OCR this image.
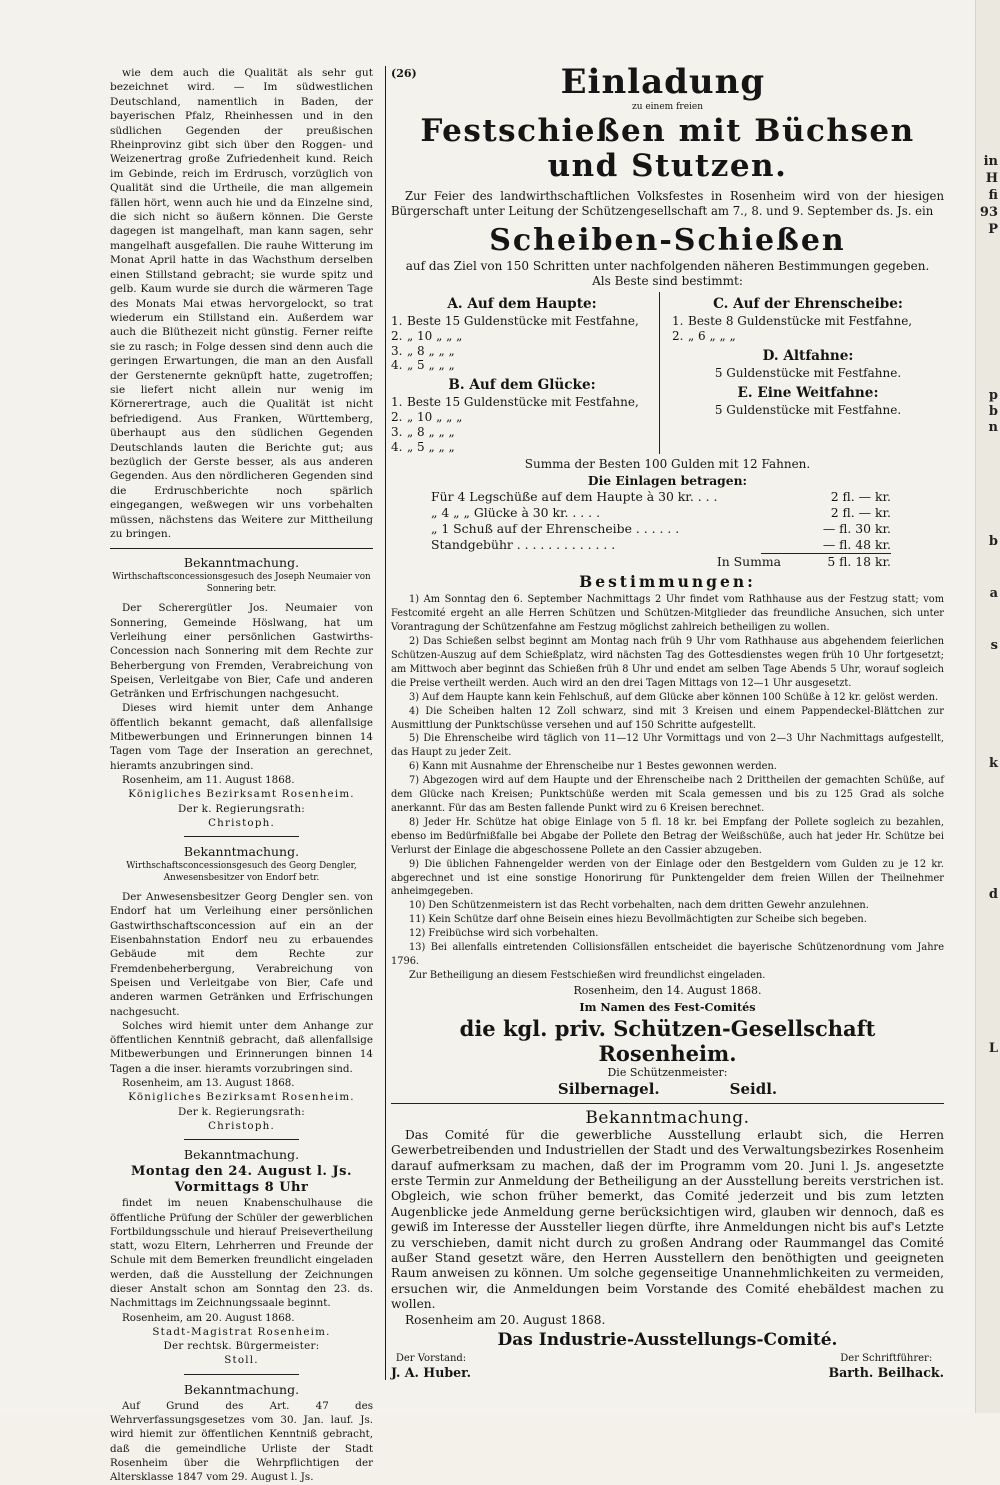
in
H
fi
93
P
p
b
n
b
a
s
k
d
L

wie dem auch die Qualität als sehr gut bezeichnet wird. — Im südwestlichen Deutschland, namentlich in Baden, der bayerischen Pfalz, Rheinhessen und in den südlichen Gegenden der preußischen Rheinprovinz gibt sich über den Roggen- und Weizenertrag große Zufriedenheit kund. Reich im Gebinde, reich im Erdrusch, vorzüglich von Qualität sind die Urtheile, die man allgemein fällen hört, wenn auch hie und da Einzelne sind, die sich nicht so äußern können. Die Gerste dagegen ist mangelhaft, man kann sagen, sehr mangelhaft ausgefallen. Die rauhe Witterung im Monat April hatte in das Wachsthum derselben einen Stillstand gebracht; sie wurde spitz und gelb. Kaum wurde sie durch die wärmeren Tage des Monats Mai etwas hervorgelockt, so trat wiederum ein Stillstand ein. Außerdem war auch die Blüthezeit nicht günstig. Ferner reifte sie zu rasch; in Folge dessen sind denn auch die geringen Erwartungen, die man an den Ausfall der Gerstenernte geknüpft hatte, zugetroffen; sie liefert nicht allein nur wenig im Körnerertrage, auch die Qualität ist nicht befriedigend. Aus Franken, Württemberg, überhaupt aus den südlichen Gegenden Deutschlands lauten die Berichte gut; aus bezüglich der Gerste besser, als aus anderen Gegenden. Aus den nördlicheren Gegenden sind die Erdruschberichte noch spärlich eingegangen, weßwegen wir uns vorbehalten müssen, nächstens das Weitere zur Mittheilung zu bringen.

Bekanntmachung.
Wirthschaftsconcessionsgesuch des Joseph Neumaier von Sonnering betr.

Der Scherergütler Jos. Neumaier von Sonnering, Gemeinde Höslwang, hat um Verleihung einer persönlichen Gastwirths-Concession nach Sonnering mit dem Rechte zur Beherbergung von Fremden, Verabreichung von Speisen, Verleitgabe von Bier, Cafe und anderen Getränken und Erfrischungen nachgesucht.

Dieses wird hiemit unter dem Anhange öffentlich bekannt gemacht, daß allenfallsige Mitbewerbungen und Erinnerungen binnen 14 Tagen vom Tage der Inseration an gerechnet, hieramts anzubringen sind.

Rosenheim, am 11. August 1868.
Königliches Bezirksamt Rosenheim.
Der k. Regierungsrath:
Christoph.
Bekanntmachung.
Wirthschaftsconcessionsgesuch des Georg Dengler, Anwesensbesitzer von Endorf betr.

Der Anwesensbesitzer Georg Dengler sen. von Endorf hat um Verleihung einer persönlichen Gastwirthschaftsconcession auf ein an der Eisenbahnstation Endorf neu zu erbauendes Gebäude mit dem Rechte zur Fremdenbeherbergung, Verabreichung von Speisen und Verleitgabe von Bier, Cafe und anderen warmen Getränken und Erfrischungen nachgesucht.

Solches wird hiemit unter dem Anhange zur öffentlichen Kenntniß gebracht, daß allenfallsige Mitbewerbungen und Erinnerungen binnen 14 Tagen a die inser. hieramts vorzubringen sind.

Rosenheim, am 13. August 1868.
Königliches Bezirksamt Rosenheim.
Der k. Regierungsrath:
Christoph.
Bekanntmachung.
Montag den 24. August l. Js.
Vormittags 8 Uhr

findet im neuen Knabenschulhause die öffentliche Prüfung der Schüler der gewerblichen Fortbildungsschule und hierauf Preisevertheilung statt, wozu Eltern, Lehrherren und Freunde der Schule mit dem Bemerken freundlicht eingeladen werden, daß die Ausstellung der Zeichnungen dieser Anstalt schon am Sonntag den 23. ds. Nachmittags im Zeichnungssaale beginnt.

Rosenheim, am 20. August 1868.
Stadt-Magistrat Rosenheim.
Der rechtsk. Bürgermeister:
Stoll.
Bekanntmachung.

Auf Grund des Art. 47 des Wehrverfassungsgesetzes vom 30. Jan. lauf. Js. wird hiemit zur öffentlichen Kenntniß gebracht, daß die gemeindliche Urliste der Stadt Rosenheim über die Wehrpflichtigen der Altersklasse 1847 vom 29. August l. Js.

(26)	Einladung
zu einem freien
Festschießen mit Büchsen und Stutzen.
Zur Feier des landwirthschaftlichen Volksfestes in Rosenheim wird von der hiesigen Bürgerschaft unter Leitung der Schützengesellschaft am 7., 8. und 9. September ds. Js. ein
Scheiben-Schießen
auf das Ziel von 150 Schritten unter nachfolgenden näheren Bestimmungen gegeben.
Als Beste sind bestimmt:
A. Auf dem Haupte:
1. Beste 15 Guldenstücke mit Festfahne,
2. „ 10 „ „ „
3. „ 8 „ „ „
4. „ 5 „ „ „
B. Auf dem Glücke:
1. Beste 15 Guldenstücke mit Festfahne,
2. „ 10 „ „ „
3. „ 8 „ „ „
4. „ 5 „ „ „
C. Auf der Ehrenscheibe:
1. Beste 8 Guldenstücke mit Festfahne,
2. „ 6 „ „ „
D. Altfahne:
5 Guldenstücke mit Festfahne.
E. Eine Weitfahne:
5 Guldenstücke mit Festfahne.
Summa der Besten 100 Gulden mit 12 Fahnen.
Die Einlagen betragen:
Für 4 Legschüße auf dem Haupte à 30 kr. . . .	2 fl. — kr.
„ 4 „ „ Glücke à 30 kr. . . . .	2 fl. — kr.
„ 1 Schuß auf der Ehrenscheibe . . . . . .	— fl. 30 kr.
Standgebühr . . . . . . . . . . . . .	— fl. 48 kr.
In Summa	5 fl. 18 kr.
Bestimmungen:

1) Am Sonntag den 6. September Nachmittags 2 Uhr findet vom Rathhause aus der Festzug statt; vom Festcomité ergeht an alle Herren Schützen und Schützen-Mitglieder das freundliche Ansuchen, sich unter Vorantragung der Schützenfahne am Festzug möglichst zahlreich betheiligen zu wollen.

2) Das Schießen selbst beginnt am Montag nach früh 9 Uhr vom Rathhause aus abgehendem feierlichen Schützen-Auszug auf dem Schießplatz, wird nächsten Tag des Gottesdienstes wegen früh 10 Uhr fortgesetzt; am Mittwoch aber beginnt das Schießen früh 8 Uhr und endet am selben Tage Abends 5 Uhr, worauf sogleich die Preise vertheilt werden. Auch wird an den drei Tagen Mittags von 12—1 Uhr ausgesetzt.

3) Auf dem Haupte kann kein Fehlschuß, auf dem Glücke aber können 100 Schüße à 12 kr. gelöst werden.

4) Die Scheiben halten 12 Zoll schwarz, sind mit 3 Kreisen und einem Pappendeckel-Blättchen zur Ausmittlung der Punktschüsse versehen und auf 150 Schritte aufgestellt.

5) Die Ehrenscheibe wird täglich von 11—12 Uhr Vormittags und von 2—3 Uhr Nachmittags aufgestellt, das Haupt zu jeder Zeit.

6) Kann mit Ausnahme der Ehrenscheibe nur 1 Bestes gewonnen werden.

7) Abgezogen wird auf dem Haupte und der Ehrenscheibe nach 2 Drittheilen der gemachten Schüße, auf dem Glücke nach Kreisen; Punktschüße werden mit Scala gemessen und bis zu 125 Grad als solche anerkannt. Für das am Besten fallende Punkt wird zu 6 Kreisen berechnet.

8) Jeder Hr. Schütze hat obige Einlage von 5 fl. 18 kr. bei Empfang der Pollete sogleich zu bezahlen, ebenso im Bedürfnißfalle bei Abgabe der Pollete den Betrag der Weißschüße, auch hat jeder Hr. Schütze bei Verlurst der Einlage die abgeschossene Pollete an den Cassier abzugeben.

9) Die üblichen Fahnengelder werden von der Einlage oder den Bestgeldern vom Gulden zu je 12 kr. abgerechnet und ist eine sonstige Honorirung für Punktengelder dem freien Willen der Theilnehmer anheimgegeben.

10) Den Schützenmeistern ist das Recht vorbehalten, nach dem dritten Gewehr anzulehnen.

11) Kein Schütze darf ohne Beisein eines hiezu Bevollmächtigten zur Scheibe sich begeben.

12) Freibüchse wird sich vorbehalten.

13) Bei allenfalls eintretenden Collisionsfällen entscheidet die bayerische Schützenordnung vom Jahre 1796.

Zur Betheiligung an diesem Festschießen wird freundlichst eingeladen.

Rosenheim, den 14. August 1868.
Im Namen des Fest-Comités
die kgl. priv. Schützen-Gesellschaft Rosenheim.
Die Schützenmeister:
Silbernagel.	Seidl.
Bekanntmachung.
Das Comité für die gewerbliche Ausstellung erlaubt sich, die Herren Gewerbetreibenden und Industriellen der Stadt und des Verwaltungsbezirkes Rosenheim darauf aufmerksam zu machen, daß der im Programm vom 20. Juni l. Js. angesetzte erste Termin zur Anmeldung der Betheiligung an der Ausstellung bereits verstrichen ist. Obgleich, wie schon früher bemerkt, das Comité jederzeit und bis zum letzten Augenblicke jede Anmeldung gerne berücksichtigen wird, glauben wir dennoch, daß es gewiß im Interesse der Aussteller liegen dürfte, ihre Anmeldungen nicht bis auf's Letzte zu verschieben, damit nicht durch zu großen Andrang oder Raummangel das Comité außer Stand gesetzt wäre, den Herren Ausstellern den benöthigten und geeigneten Raum anweisen zu können. Um solche gegenseitige Unannehmlichkeiten zu vermeiden, ersuchen wir, die Anmeldungen beim Vorstande des Comité ehebäldest machen zu wollen.
Rosenheim am 20. August 1868.
Das Industrie-Ausstellungs-Comité.
Der Vorstand:
J. A. Huber.
Der Schriftführer:
Barth. Beilhack.
